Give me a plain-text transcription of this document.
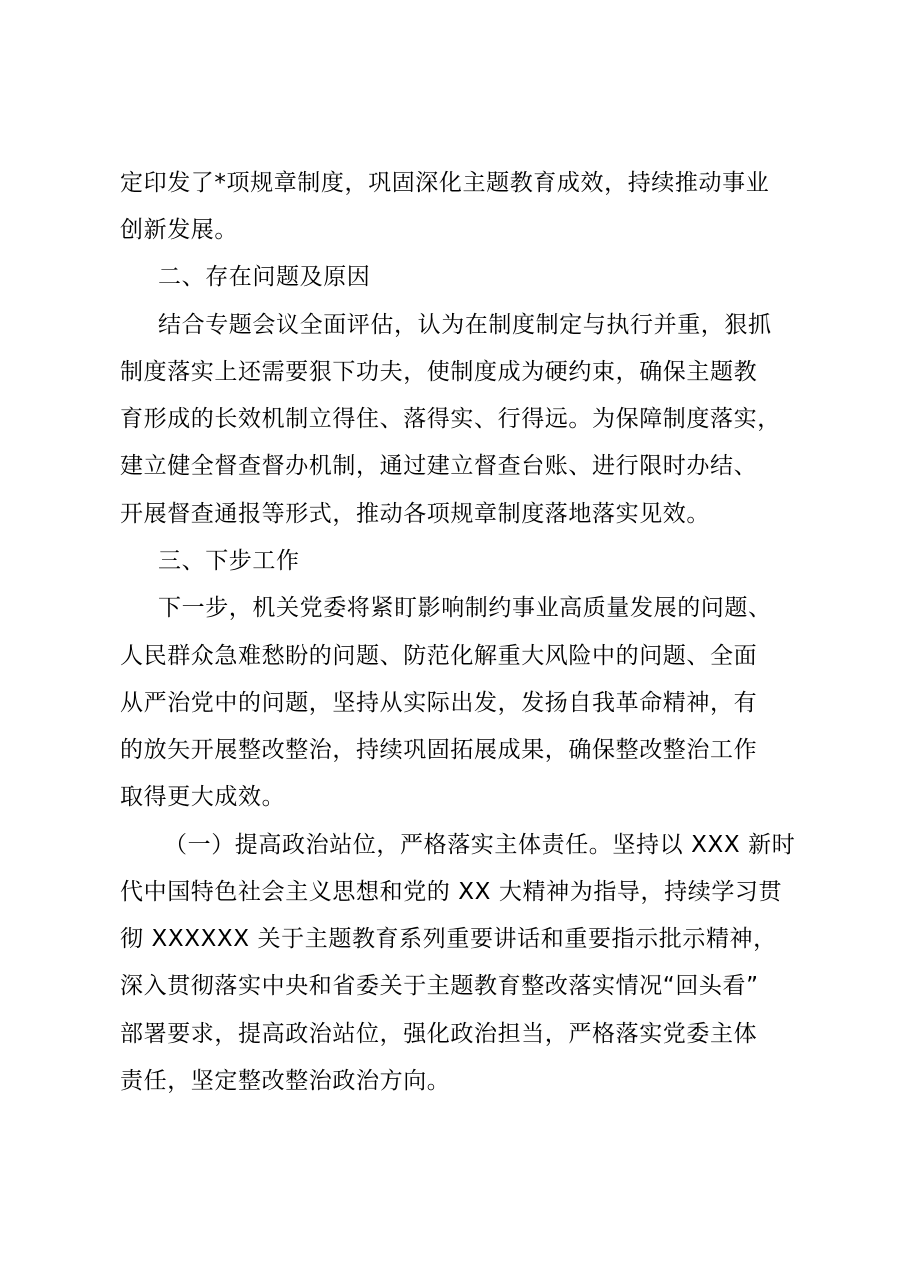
定印发了*项规章制度，巩固深化主题教育成效，持续推动事业
创新发展。
二、存在问题及原因
结合专题会议全面评估，认为在制度制定与执行并重，狠抓
制度落实上还需要狠下功夫，使制度成为硬约束，确保主题教
育形成的长效机制立得住、落得实、行得远。为保障制度落实，
建立健全督查督办机制，通过建立督查台账、进行限时办结、
开展督查通报等形式，推动各项规章制度落地落实见效。
三、下步工作
下一步，机关党委将紧盯影响制约事业高质量发展的问题、
人民群众急难愁盼的问题、防范化解重大风险中的问题、全面
从严治党中的问题，坚持从实际出发，发扬自我革命精神，有
的放矢开展整改整治，持续巩固拓展成果，确保整改整治工作
取得更大成效。
（一）提高政治站位，严格落实主体责任。坚持以 XXX 新时
代中国特色社会主义思想和党的 XX 大精神为指导，持续学习贯
彻 XXXXXX 关于主题教育系列重要讲话和重要指示批示精神，
深入贯彻落实中央和省委关于主题教育整改落实情况“回头看”
部署要求，提高政治站位，强化政治担当，严格落实党委主体
责任，坚定整改整治政治方向。
